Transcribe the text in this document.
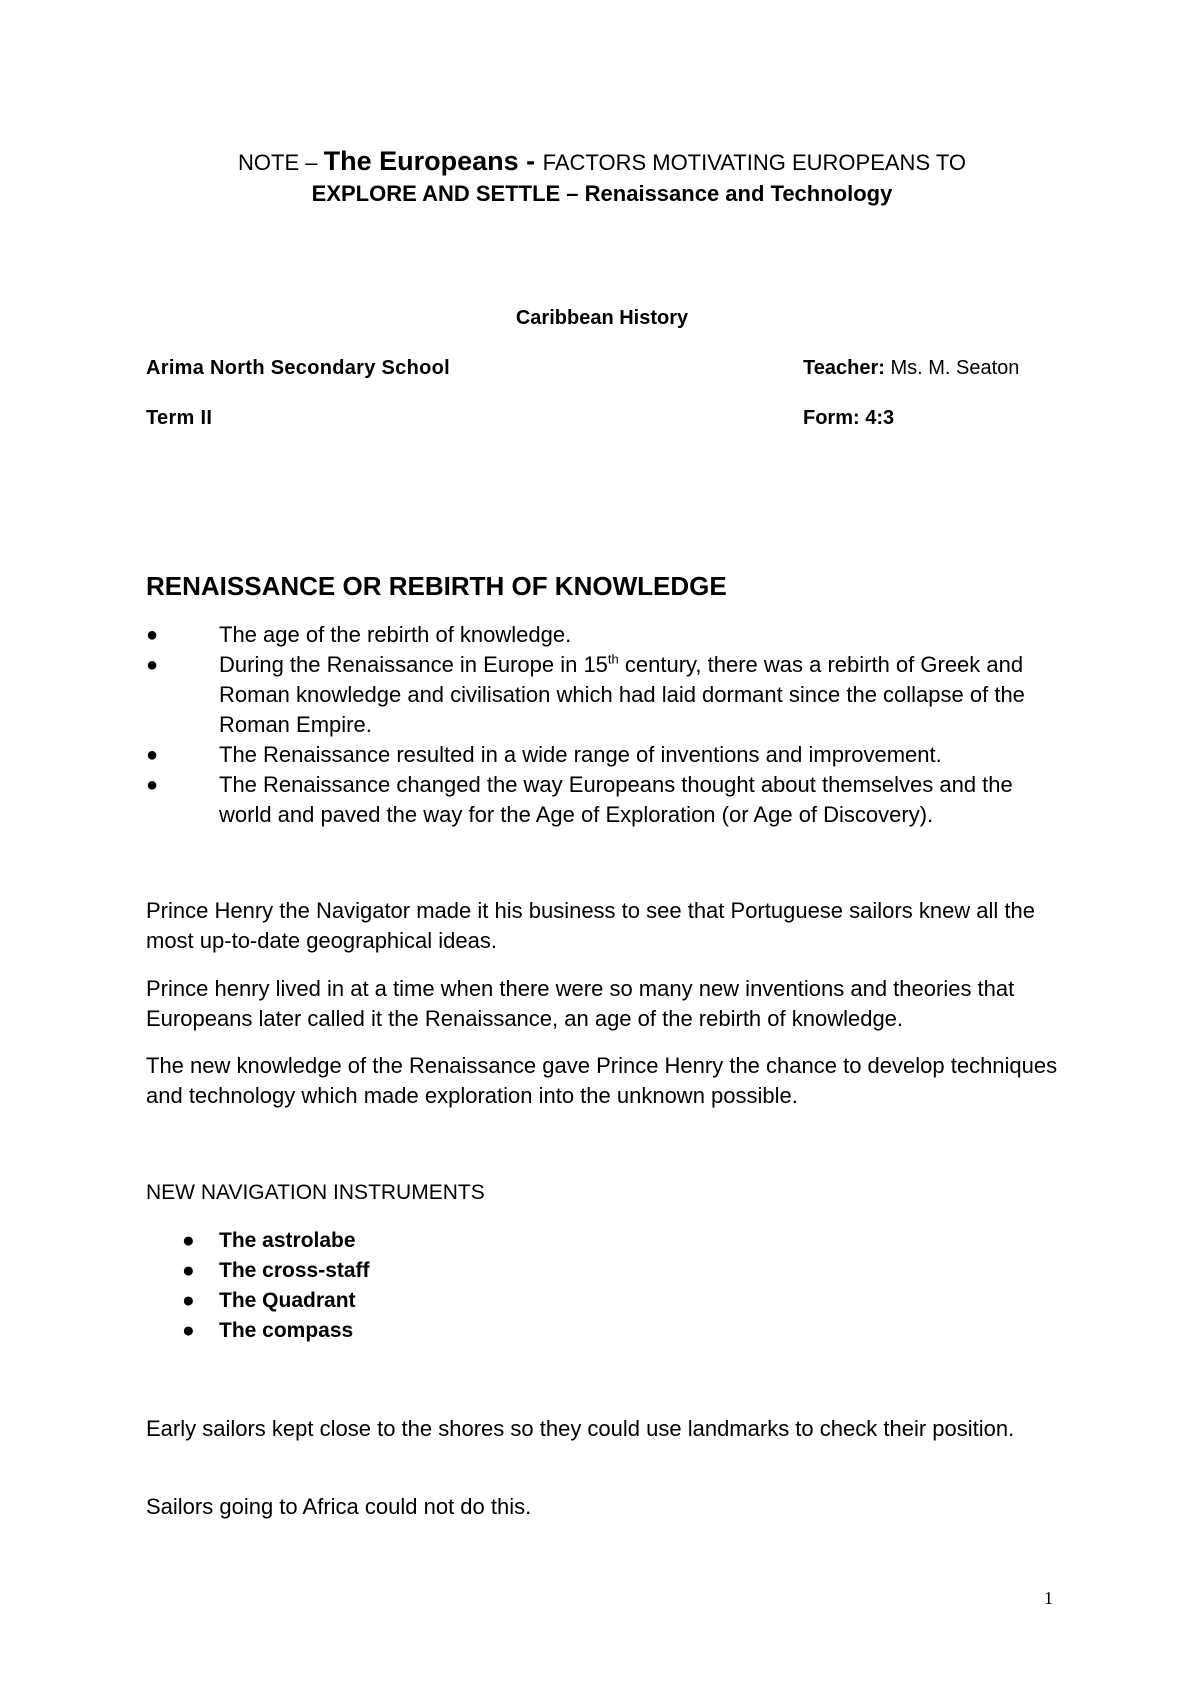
NOTE – The Europeans - FACTORS MOTIVATING EUROPEANS TO
EXPLORE AND SETTLE – Renaissance and Technology
Caribbean History
Arima North Secondary School	Teacher: Ms. M. Seaton
Term II	Form: 4:3
RENAISSANCE OR REBIRTH OF KNOWLEDGE
●	The age of the rebirth of knowledge.
●	During the Renaissance in Europe in 15th century, there was a rebirth of Greek and Roman knowledge and civilisation which had laid dormant since the collapse of the Roman Empire.
●	The Renaissance resulted in a wide range of inventions and improvement.
●	The Renaissance changed the way Europeans thought about themselves and the world and paved the way for the Age of Exploration (or Age of Discovery).

Prince Henry the Navigator made it his business to see that Portuguese sailors knew all the most up-to-date geographical ideas.

Prince henry lived in at a time when there were so many new inventions and theories that Europeans later called it the Renaissance, an age of the rebirth of knowledge.

The new knowledge of the Renaissance gave Prince Henry the chance to develop techniques and technology which made exploration into the unknown possible.

NEW NAVIGATION INSTRUMENTS
● The astrolabe
● The cross-staff
● The Quadrant
● The compass

Early sailors kept close to the shores so they could use landmarks to check their position.

Sailors going to Africa could not do this.

1
